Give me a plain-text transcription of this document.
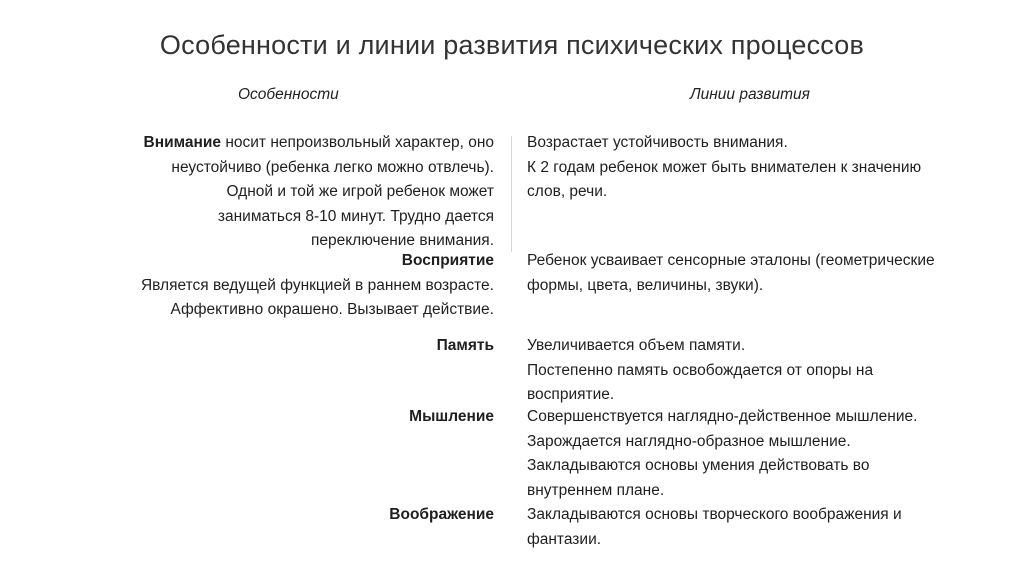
Особенности и линии развития психических процессов
Особенности	Линии развития
Внимание носит непроизвольный характер, оно
неустойчиво (ребенка легко можно отвлечь).
Одной и той же игрой ребенок может
заниматься 8-10 минут. Трудно дается
переключение внимания.
Возрастает устойчивость внимания.
К 2 годам ребенок может быть внимателен к значению
слов, речи.
Восприятие
Является ведущей функцией в раннем возрасте.
Аффективно окрашено. Вызывает действие.
Ребенок усваивает сенсорные эталоны (геометрические
формы, цвета, величины, звуки).
Память Увеличивается объем памяти.
Постепенно память освобождается от опоры на
восприятие.
Мышление Совершенствуется наглядно-действенное мышление.
Зарождается наглядно-образное мышление.
Закладываются основы умения действовать во
внутреннем плане.
Воображение Закладываются основы творческого воображения и
фантазии.
